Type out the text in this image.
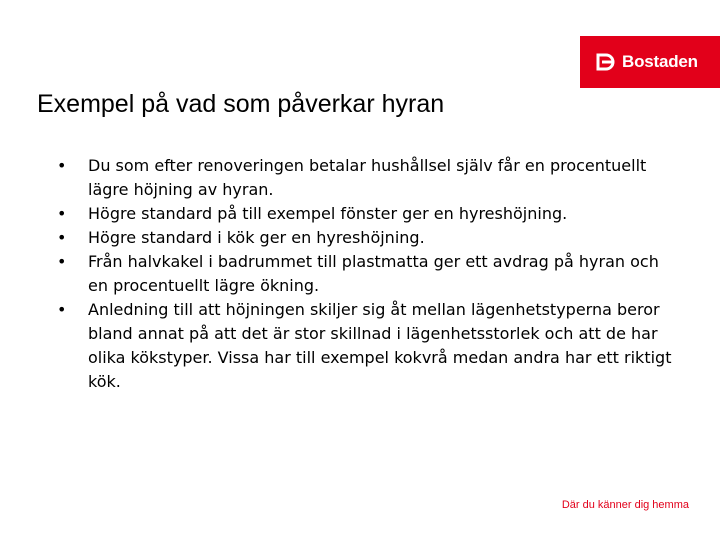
Bostaden
Exempel på vad som påverkar hyran
• Du som efter renoveringen betalar hushållsel själv får en procentuellt lägre höjning av hyran.
• Högre standard på till exempel fönster ger en hyreshöjning.
• Högre standard i kök ger en hyreshöjning.
• Från halvkakel i badrummet till plastmatta ger ett avdrag på hyran och en procentuellt lägre ökning.
• Anledning till att höjningen skiljer sig åt mellan lägenhetstyperna beror bland annat på att det är stor skillnad i lägenhetsstorlek och att de har olika kökstyper. Vissa har till exempel kokvrå medan andra har ett riktigt kök.
Där du känner dig hemma
